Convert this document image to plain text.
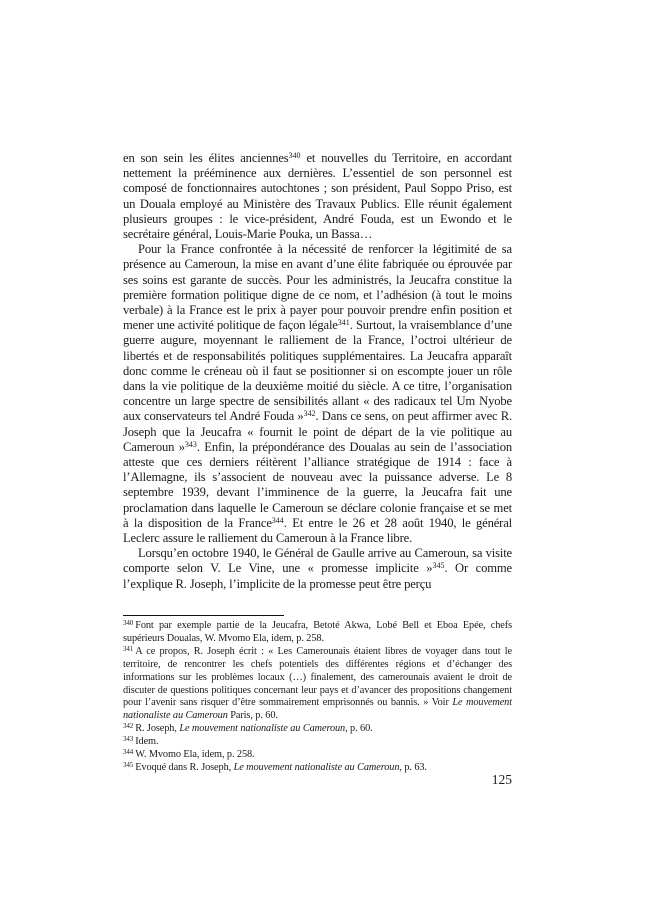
en son sein les élites anciennes$^{340}$ et nouvelles du Territoire, en accordant nettement la prééminence aux dernières. L’essentiel de son personnel est composé de fonctionnaires autochtones ; son président, Paul Soppo Priso, est un Douala employé au Ministère des Travaux Publics. Elle réunit également plusieurs groupes : le vice-président, André Fouda, est un Ewondo et le secrétaire général, Louis-Marie Pouka, un Bassa…

Pour la France confrontée à la nécessité de renforcer la légitimité de sa présence au Cameroun, la mise en avant d’une élite fabriquée ou éprouvée par ses soins est garante de succès. Pour les administrés, la Jeucafra constitue la première formation politique digne de ce nom, et l’adhésion (à tout le moins verbale) à la France est le prix à payer pour pouvoir prendre enfin position et mener une activité politique de façon légale$^{341}$. Surtout, la vraisemblance d’une guerre augure, moyennant le ralliement de la France, l’octroi ultérieur de libertés et de responsabilités politiques supplémentaires. La Jeucafra apparaît donc comme le créneau où il faut se positionner si on escompte jouer un rôle dans la vie politique de la deuxième moitié du siècle. A ce titre, l’organisation concentre un large spectre de sensibilités allant « des radicaux tel Um Nyobe aux conservateurs tel André Fouda »$^{342}$. Dans ce sens, on peut affirmer avec R. Joseph que la Jeucafra « fournit le point de départ de la vie politique au Cameroun »$^{343}$. Enfin, la prépondérance des Doualas au sein de l’association atteste que ces derniers réitèrent l’alliance stratégique de 1914 : face à l’Allemagne, ils s’associent de nouveau avec la puissance adverse. Le 8 septembre 1939, devant l’imminence de la guerre, la Jeucafra fait une proclamation dans laquelle le Cameroun se déclare colonie française et se met à la disposition de la France$^{344}$. Et entre le 26 et 28 août 1940, le général Leclerc assure le ralliement du Cameroun à la France libre.

Lorsqu’en octobre 1940, le Général de Gaulle arrive au Cameroun, sa visite comporte selon V. Le Vine, une « promesse implicite »$^{345}$. Or comme l’explique R. Joseph, l’implicite de la promesse peut être perçu

$^{340}$ Font par exemple partie de la Jeucafra, Betoté Akwa, Lobé Bell et Eboa Epée, chefs supérieurs Doualas, W. Mvomo Ela, idem, p. 258.

$^{341}$ A ce propos, R. Joseph écrit : « Les Camerounais étaient libres de voyager dans tout le territoire, de rencontrer les chefs potentiels des différentes régions et d’échanger des informations sur les problèmes locaux (…) finalement, des camerounais avaient le droit de discuter de questions politiques concernant leur pays et d’avancer des propositions changement pour l’avenir sans risquer d’être sommairement emprisonnés ou bannis. » Voir Le mouvement nationaliste au Cameroun Paris, p. 60.

$^{342}$ R. Joseph, Le mouvement nationaliste au Cameroun, p. 60.

$^{343}$ Idem.

$^{344}$ W. Mvomo Ela, idem, p. 258.

$^{345}$ Evoqué dans R. Joseph, Le mouvement nationaliste au Cameroun, p. 63.

125
